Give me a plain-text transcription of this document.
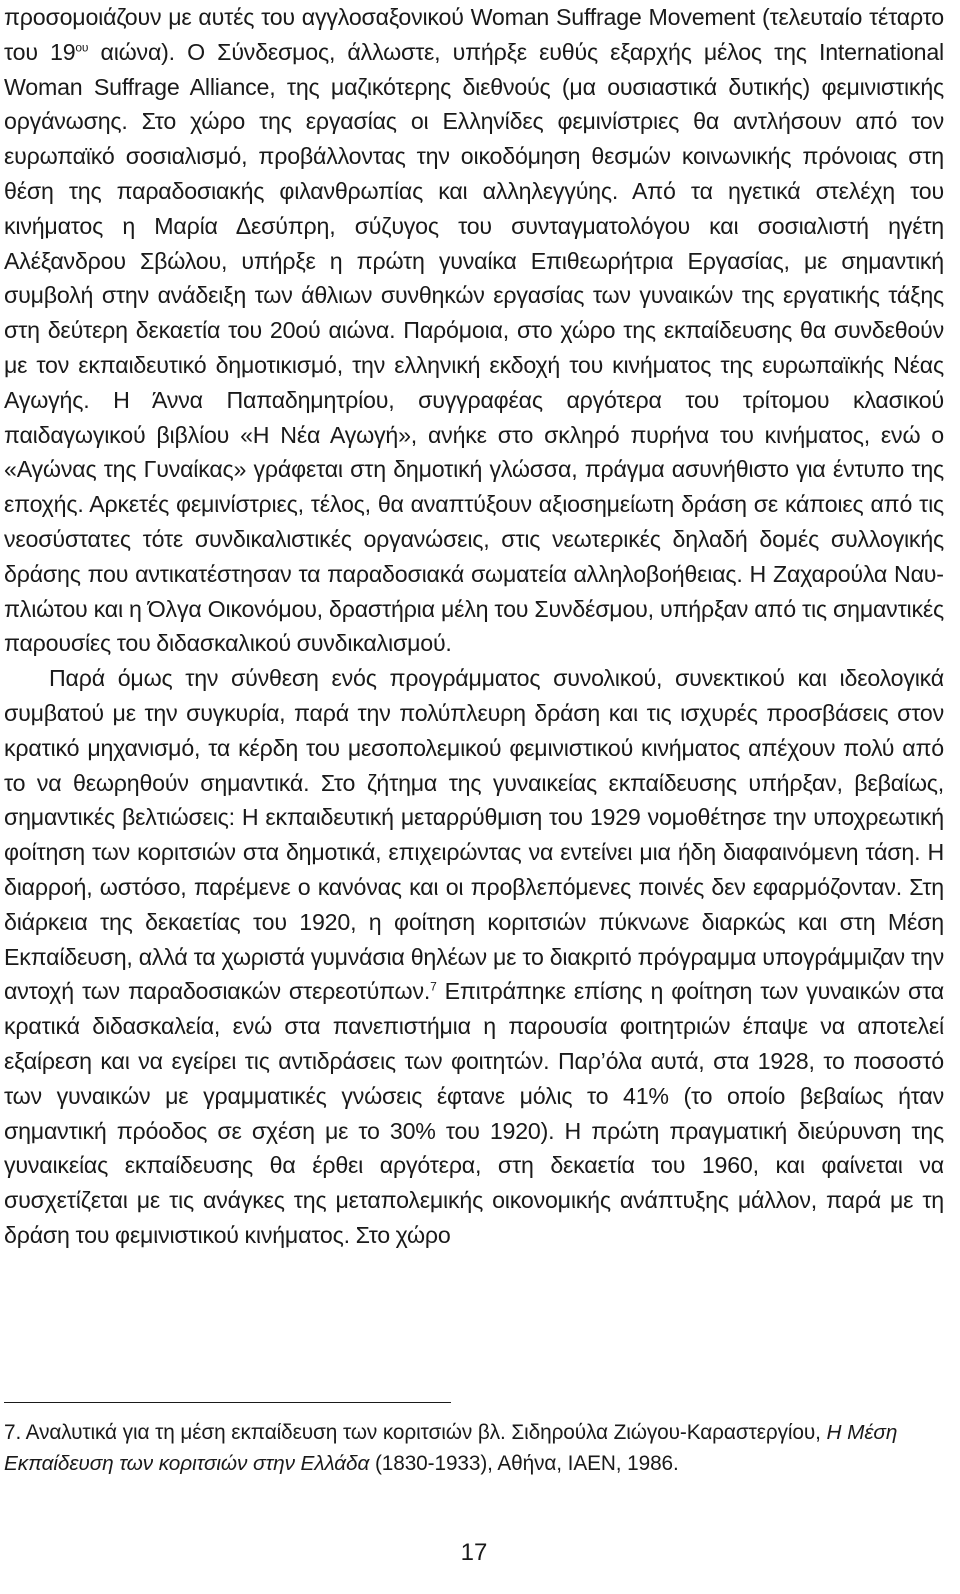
προσομοιάζουν με αυτές του αγγλοσαξονικού Woman Suffrage Movement (τελευταίο τέταρτο του $19^{o\upsilon}$ αιώνα). Ο Σύνδεσμος, άλλωστε, υπήρξε ευθύς εξαρχής μέλος της International Woman Suffrage Alliance, της μαζικότερης διεθνούς (μα ουσιαστικά δυτικής) φεμινιστικής οργάνωσης. Στο χώρο της εργασίας οι Ελληνίδες φεμινίστριες θα αντλήσουν από τον ευρωπαϊκό σοσιαλισμό, προβάλλοντας την οικοδόμηση θεσμών κοινωνικής πρόνοιας στη θέση της παραδοσιακής φιλανθρωπίας και αλληλεγγύης. Από τα ηγετικά στελέχη του κινήματος η Μαρία Δεσύπρη, σύζυγος του συνταγματολόγου και σοσιαλιστή ηγέτη Αλέξανδρου Σβώλου, υπήρξε η πρώτη γυναίκα Επιθεωρήτρια Εργασίας, με σημαντική συμβολή στην ανάδειξη των άθλιων συνθηκών εργασίας των γυναικών της εργατικής τάξης στη δεύτερη δεκαετία του 20ού αιώνα. Παρόμοια, στο χώρο της εκπαίδευσης θα συνδεθούν με τον εκπαιδευτικό δημοτικισμό, την ελληνική εκδοχή του κινήματος της ευρωπαϊκής Νέας Αγωγής. Η Άννα Παπαδημητρίου, συγγραφέας αργότερα του τρίτομου κλασικού παιδαγωγικού βιβλίου «Η Νέα Αγωγή», ανήκε στο σκληρό πυρήνα του κινήματος, ενώ ο «Αγώνας της Γυναίκας» γράφεται στη δημοτική γλώσσα, πράγμα ασυνήθιστο για έντυπο της εποχής. Αρκετές φεμινίστριες, τέλος, θα αναπτύξουν αξιοσημείωτη δράση σε κάποιες από τις νεοσύστατες τότε συνδικαλιστικές οργανώσεις, στις νεωτερικές δηλαδή δομές συλλογικής δράσης που αντικατέστησαν τα παραδοσιακά σωματεία αλληλοβοήθειας. Η Ζαχαρούλα Ναυπλιώτου και η Όλγα Οικονόμου, δραστήρια μέλη του Συνδέσμου, υπήρξαν από τις σημαντικές παρουσίες του διδασκαλικού συνδικαλισμού.

Παρά όμως την σύνθεση ενός προγράμματος συνολικού, συνεκτικού και ιδεολογικά συμβατού με την συγκυρία, παρά την πολύπλευρη δράση και τις ισχυρές προσβάσεις στον κρατικό μηχανισμό, τα κέρδη του μεσοπολεμικού φεμινιστικού κινήματος απέχουν πολύ από το να θεωρηθούν σημαντικά. Στο ζήτημα της γυναικείας εκπαίδευσης υπήρξαν, βεβαίως, σημαντικές βελτιώσεις: Η εκπαιδευτική μεταρρύθμιση του 1929 νομοθέτησε την υποχρεωτική φοίτηση των κοριτσιών στα δημοτικά, επιχειρώντας να εντείνει μια ήδη διαφαινόμενη τάση. Η διαρροή, ωστόσο, παρέμενε ο κανόνας και οι προβλεπόμενες ποινές δεν εφαρμόζονταν. Στη διάρκεια της δεκαετίας του 1920, η φοίτηση κοριτσιών πύκνωνε διαρκώς και στη Μέση Εκπαίδευση, αλλά τα χωριστά γυμνάσια θηλέων με το διακριτό πρόγραμμα υπογράμμιζαν την αντοχή των παραδοσιακών στερεοτύπων.$^7$ Επιτράπηκε επίσης η φοίτηση των γυναικών στα κρατικά διδασκαλεία, ενώ στα πανεπιστήμια η παρουσία φοιτητριών έπαψε να αποτελεί εξαίρεση και να εγείρει τις αντιδράσεις των φοιτητών. Παρ’όλα αυτά, στα 1928, το ποσοστό των γυναικών με γραμματικές γνώσεις έφτανε μόλις το 41% (το οποίο βεβαίως ήταν σημαντική πρόοδος σε σχέση με το 30% του 1920). Η πρώτη πραγματική διεύρυνση της γυναικείας εκπαίδευσης θα έρθει αργότερα, στη δεκαετία του 1960, και φαίνεται να συσχετίζεται με τις ανάγκες της μεταπολεμικής οικονομικής ανάπτυξης μάλλον, παρά με τη δράση του φεμινιστικού κινήματος. Στο χώρο

7. Αναλυτικά για τη μέση εκπαίδευση των κοριτσιών βλ. Σιδηρούλα Ζιώγου-Καραστεργίου, Η Μέση Εκπαίδευση των κοριτσιών στην Ελλάδα (1830-1933), Αθήνα, ΙΑΕΝ, 1986.
17
